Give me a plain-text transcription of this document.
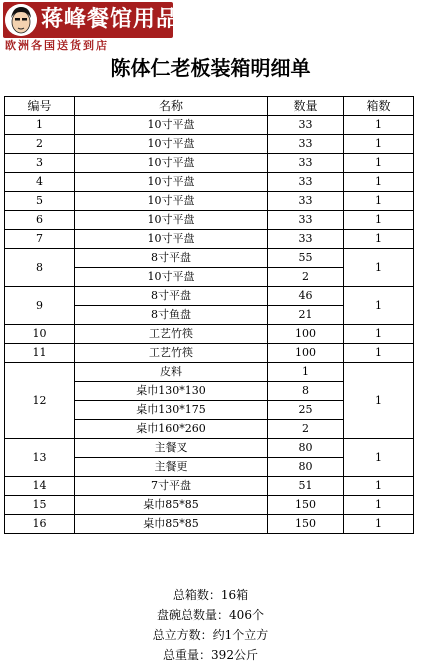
蒋峰餐馆用品
欧洲各国送货到店
陈体仁老板装箱明细单
编号	名称	数量	箱数
1	10寸平盘	33	1
2	10寸平盘	33	1
3	10寸平盘	33	1
4	10寸平盘	33	1
5	10寸平盘	33	1
6	10寸平盘	33	1
7	10寸平盘	33	1
8	8寸平盘	55	1
	10寸平盘	2	
9	8寸平盘	46	1
	8寸鱼盘	21	
10	工艺竹筷	100	1
11	工艺竹筷	100	1
12	皮料	1	1
	桌巾130*130	8	
	桌巾130*175	25	
	桌巾160*260	2	
13	主餐叉	80	1
	主餐更	80	
14	7寸平盘	51	1
15	桌巾85*85	150	1
16	桌巾85*85	150	1
总箱数：16箱
盘碗总数量：406个
总立方数：约1个立方
总重量：392公斤
